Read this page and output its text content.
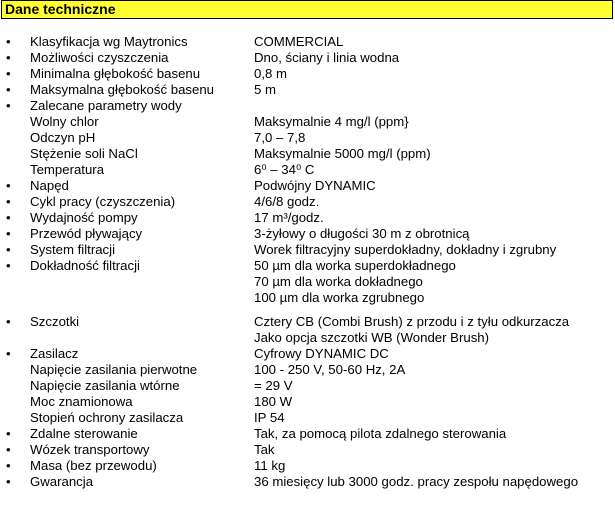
Dane techniczne
• Klasyfikacja wg Maytronics	COMMERCIAL
• Możliwości czyszczenia	Dno, ściany i linia wodna
• Minimalna głębokość basenu	0,8 m
• Maksymalna głębokość basenu	5 m
• Zalecane parametry wody
Wolny chlor	Maksymalnie 4 mg/l (ppm}
Odczyn pH	7,0 – 7,8
Stężenie soli NaCl	Maksymalnie 5000 mg/l (ppm)
Temperatura	6⁰ – 34⁰ C
• Napęd	Podwójny DYNAMIC
• Cykl pracy (czyszczenia)	4/6/8 godz.
• Wydajność pompy	17 m³/godz.
• Przewód pływający	3-żyłowy o długości 30 m z obrotnicą
• System filtracji	Worek filtracyjny superdokładny, dokładny i zgrubny
• Dokładność filtracji	50 µm dla worka superdokładnego
70 µm dla worka dokładnego
100 µm dla worka zgrubnego
• Szczotki	Cztery CB (Combi Brush) z przodu i z tyłu odkurzacza
Jako opcja szczotki WB (Wonder Brush)
• Zasilacz	Cyfrowy DYNAMIC DC
Napięcie zasilania pierwotne	100 - 250 V, 50-60 Hz, 2A
Napięcie zasilania wtórne	= 29 V
Moc znamionowa	180 W
Stopień ochrony zasilacza	IP 54
• Zdalne sterowanie	Tak, za pomocą pilota zdalnego sterowania
• Wózek transportowy	Tak
• Masa (bez przewodu)	11 kg
• Gwarancja	36 miesięcy lub 3000 godz. pracy zespołu napędowego
